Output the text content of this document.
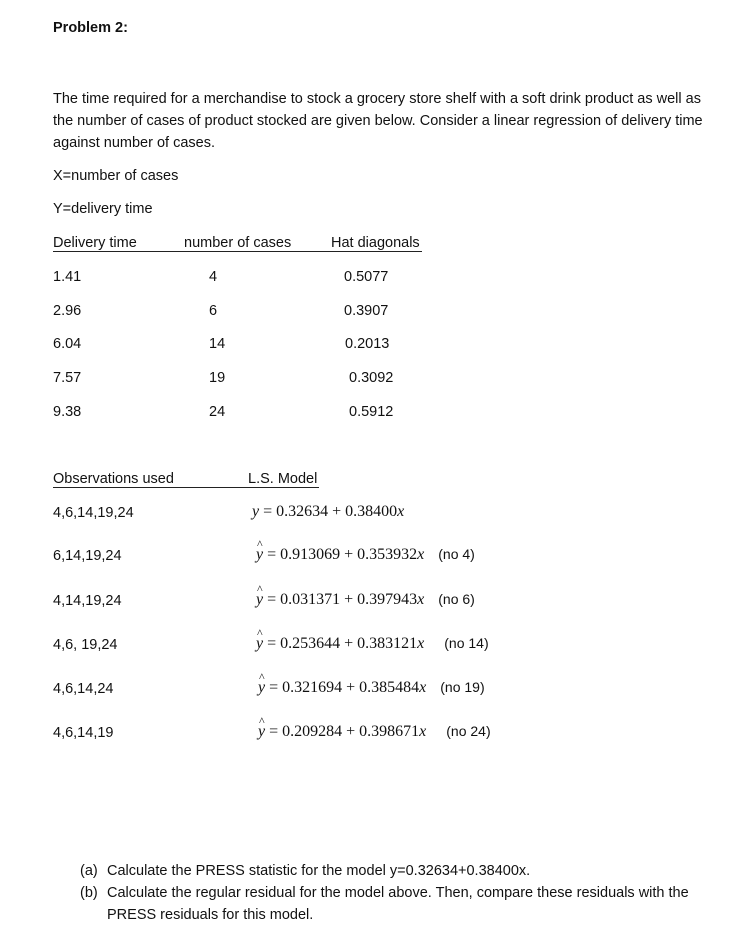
Problem 2:
The time required for a merchandise to stock a grocery store shelf with a soft drink product as well as
the number of cases of product stocked are given below. Consider a linear regression of delivery time
against number of cases.
X=number of cases
Y=delivery time
Delivery time	number of cases	Hat diagonals
1.41	4	0.5077
2.96	6	0.3907
6.04	14	0.2013
7.57	19	0.3092
9.38	24	0.5912
Observations used	L.S. Model
4,6,14,19,24	y = 0.32634 + 0.38400x
6,14,19,24	^ y = 0.913069 + 0.353932x (no 4)
4,14,19,24	^ y = 0.031371 + 0.397943x (no 6)
4,6, 19,24	^ y = 0.253644 + 0.383121x (no 14)
4,6,14,24	^ y = 0.321694 + 0.385484x (no 19)
4,6,14,19	^ y = 0.209284 + 0.398671x (no 24)
(a) Calculate the PRESS statistic for the model y=0.32634+0.38400x.
(b) Calculate the regular residual for the model above. Then, compare these residuals with the
PRESS residuals for this model.
